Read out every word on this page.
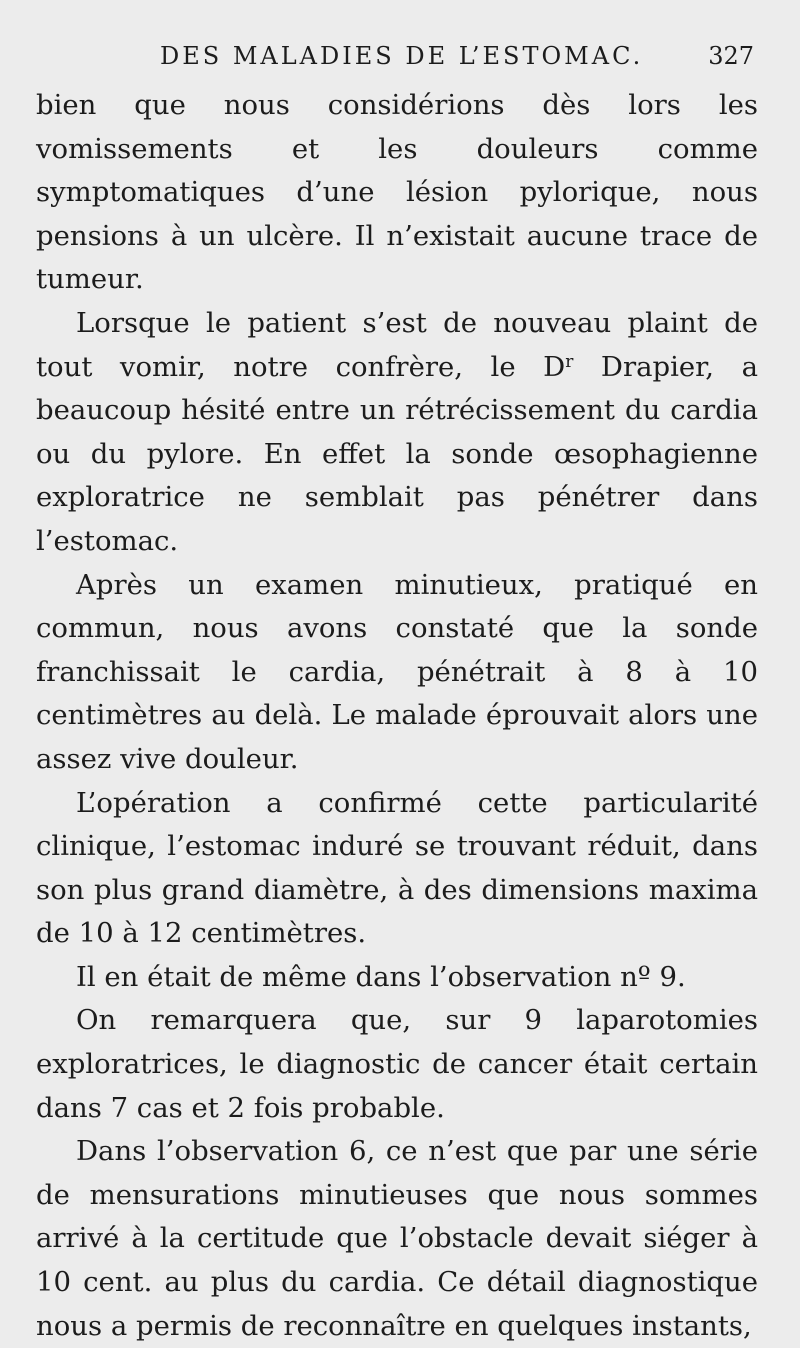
DES MALADIES DE L’ESTOMAC.	327

bien que nous considérions dès lors les vomissements et les douleurs comme symptomatiques d’une lésion pylorique, nous pensions à un ulcère. Il n’existait aucune trace de tumeur.

Lorsque le patient s’est de nouveau plaint de tout vomir, notre confrère, le $D^r$ Drapier, a beaucoup hésité entre un rétrécissement du cardia ou du pylore. En effet la sonde œsophagienne exploratrice ne semblait pas pénétrer dans l’estomac.

Après un examen minutieux, pratiqué en commun, nous avons constaté que la sonde franchissait le cardia, pénétrait à 8 à 10 centimètres au delà. Le malade éprouvait alors une assez vive douleur.

L’opération a confirmé cette particularité clinique, l’estomac induré se trouvant réduit, dans son plus grand diamètre, à des dimensions maxima de 10 à 12 centimètres.

Il en était de même dans l’observation nº 9.

On remarquera que, sur 9 laparotomies exploratrices, le diagnostic de cancer était certain dans 7 cas et 2 fois probable.

Dans l’observation 6, ce n’est que par une série de mensurations minutieuses que nous sommes arrivé à la certitude que l’obstacle devait siéger à 10 cent. au plus du cardia. Ce détail diagnostique nous a permis de reconnaître en quelques instants,
